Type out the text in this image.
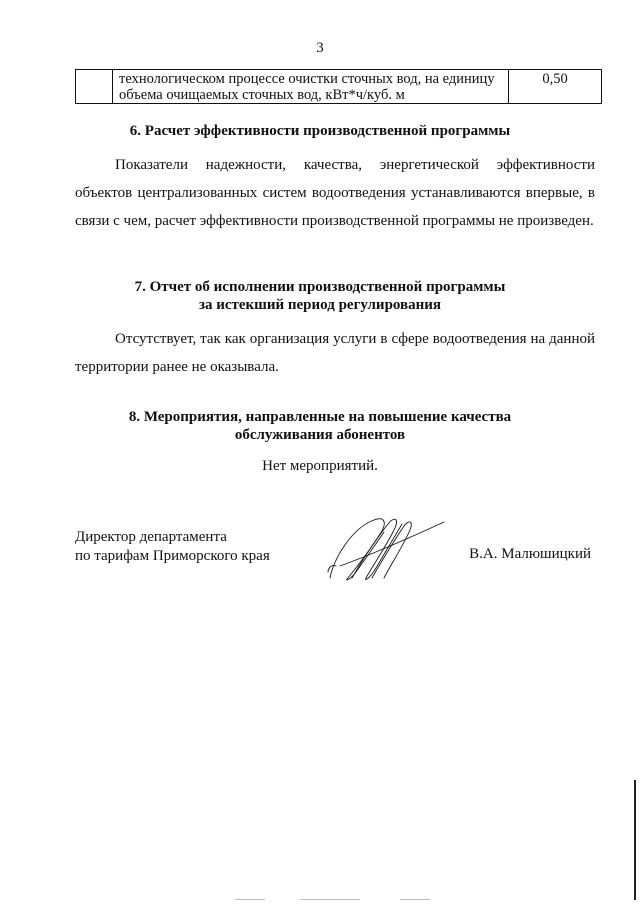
3
	технологическом процессе очистки сточных вод, на единицу
объема очищаемых сточных вод, кВт*ч/куб. м	0,50
6. Расчет эффективности производственной программы

Показатели надежности, качества, энергетической эффективности объектов централизованных систем водоотведения устанавливаются впервые, в связи с чем, расчет эффективности производственной программы не произведен.

7. Отчет об исполнении производственной программы
за истекший период регулирования

Отсутствует, так как организация услуги в сфере водоотведения на данной территории ранее не оказывала.

8. Мероприятия, направленные на повышение качества
обслуживания абонентов
Нет мероприятий.
Директор департамента
по тарифам Приморского края	В.А. Малюшицкий
